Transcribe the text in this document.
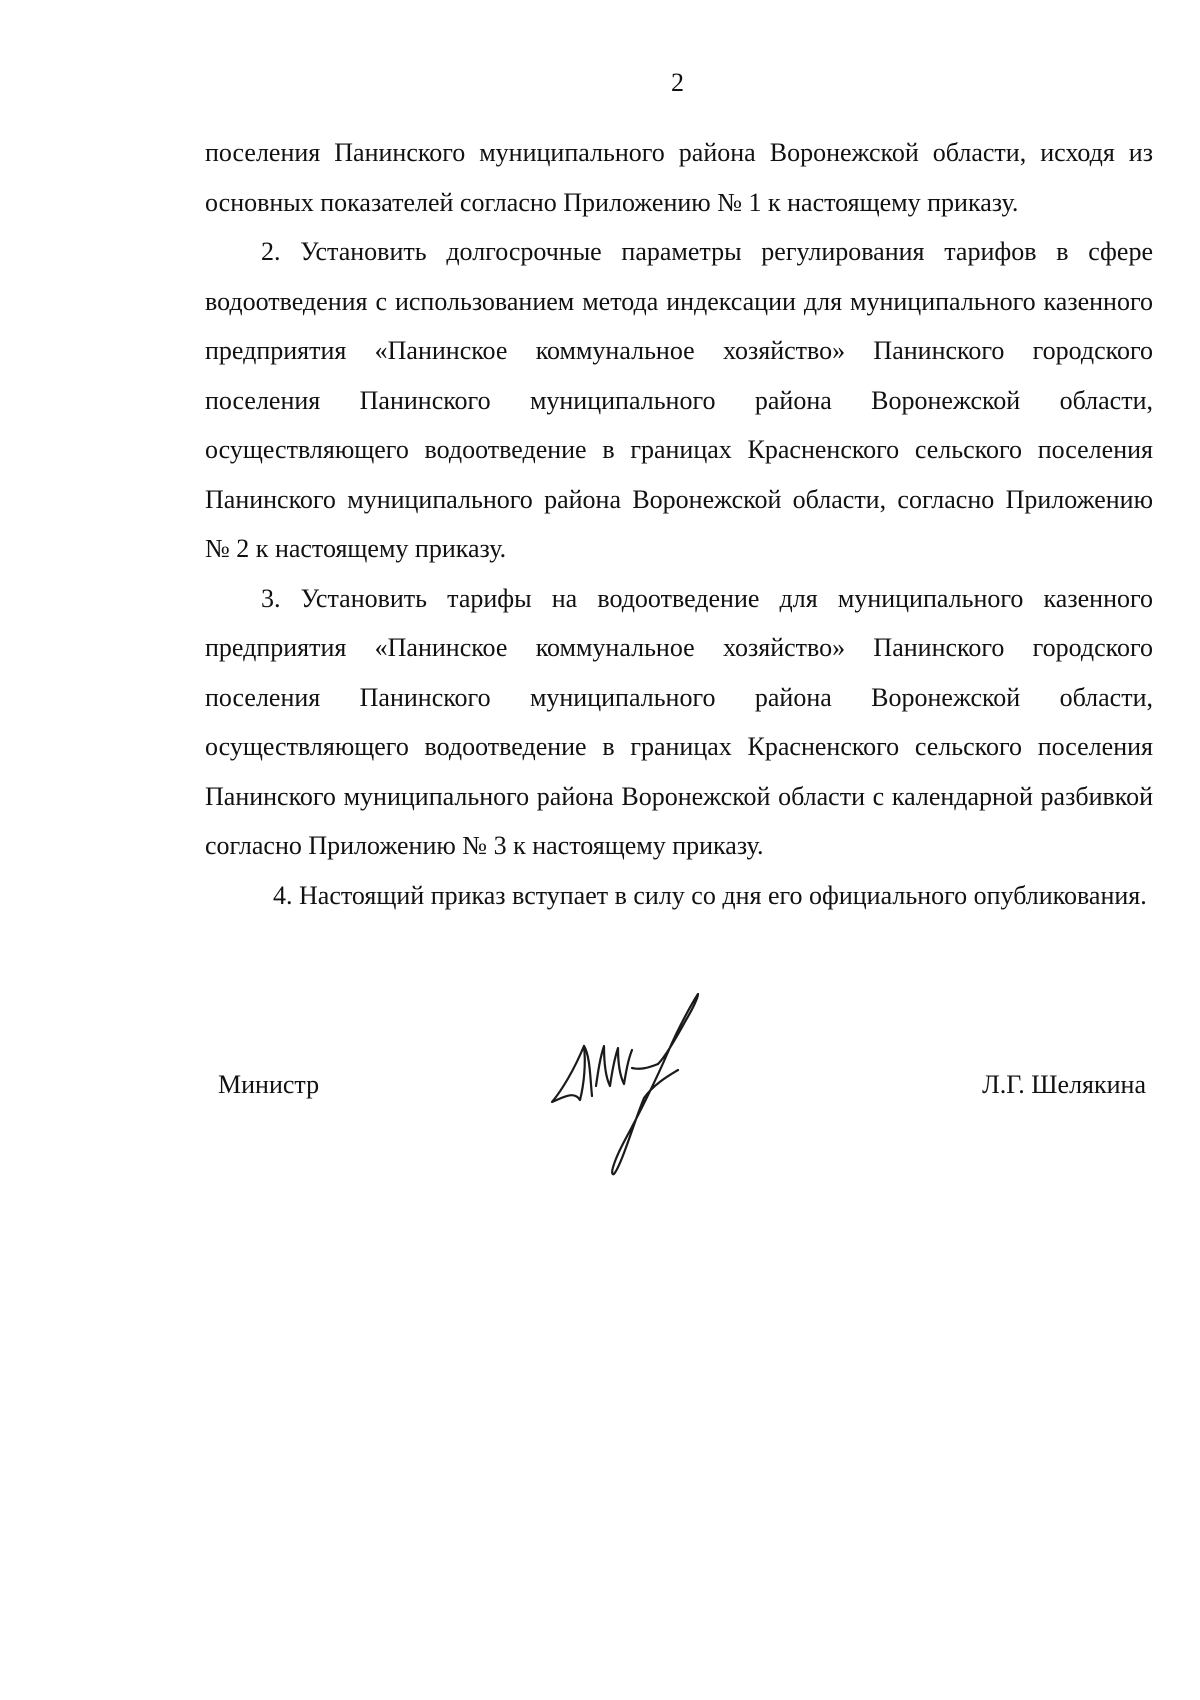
2

поселения Панинского муниципального района Воронежской области, исходя из основных показателей согласно Приложению № 1 к настоящему приказу.

2. Установить долгосрочные параметры регулирования тарифов в сфере водоотведения с использованием метода индексации для муниципального казенного предприятия «Панинское коммунальное хозяйство» Панинского городского поселения Панинского муниципального района Воронежской области, осуществляющего водоотведение в границах Красненского сельского поселения Панинского муниципального района Воронежской области, согласно Приложению № 2 к настоящему приказу.

3. Установить тарифы на водоотведение для муниципального казенного предприятия «Панинское коммунальное хозяйство» Панинского городского поселения Панинского муниципального района Воронежской области, осуществляющего водоотведение в границах Красненского сельского поселения Панинского муниципального района Воронежской области с календарной разбивкой согласно Приложению № 3 к настоящему приказу.

4. Настоящий приказ вступает в силу со дня его официального опубликования.

Министр	Л.Г. Шелякина
